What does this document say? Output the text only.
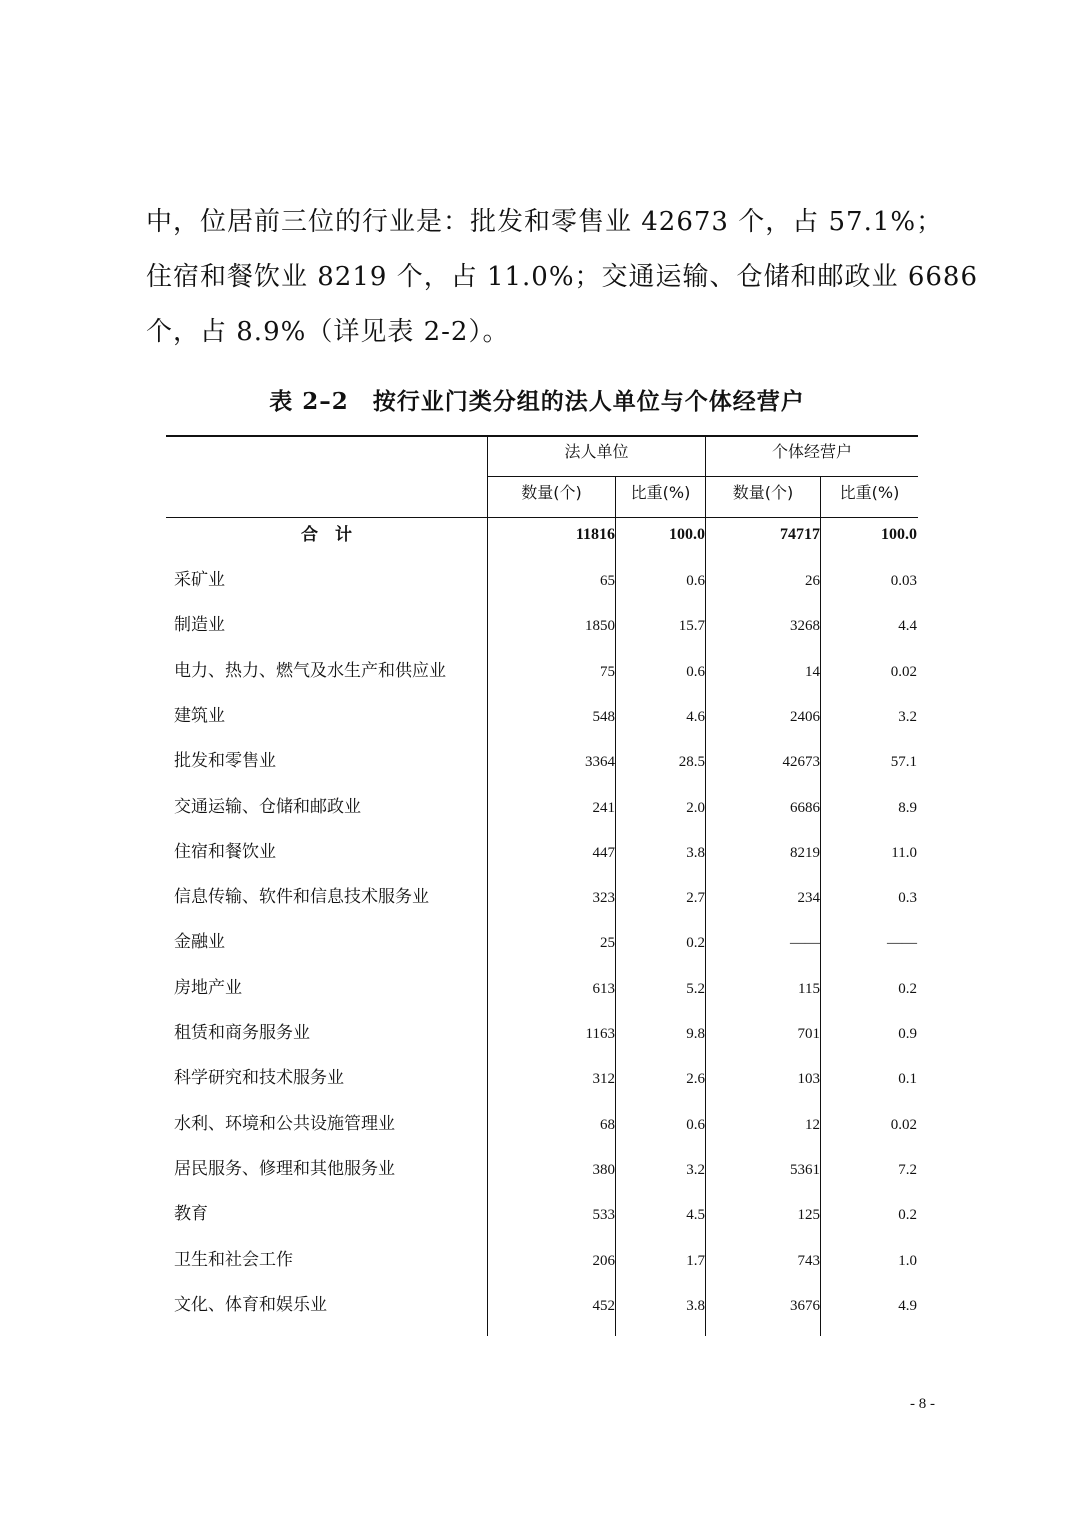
中，位居前三位的行业是：批发和零售业 42673 个，占 57.1%；
住宿和餐饮业 8219 个，占 11.0%；交通运输、仓储和邮政业 6686
个，占 8.9%（详见表 2-2）。
表 2–2　按行业门类分组的法人单位与个体经营户
法人单位	个体经营户
数量(个)	比重(%)	数量(个)	比重(%)
合　计	11816	100.0	74717	100.0
采矿业	65	0.6	26	0.03
制造业	1850	15.7	3268	4.4
电力、热力、燃气及水生产和供应业	75	0.6	14	0.02
建筑业	548	4.6	2406	3.2
批发和零售业	3364	28.5	42673	57.1
交通运输、仓储和邮政业	241	2.0	6686	8.9
住宿和餐饮业	447	3.8	8219	11.0
信息传输、软件和信息技术服务业	323	2.7	234	0.3
金融业	25	0.2	——	——
房地产业	613	5.2	115	0.2
租赁和商务服务业	1163	9.8	701	0.9
科学研究和技术服务业	312	2.6	103	0.1
水利、环境和公共设施管理业	68	0.6	12	0.02
居民服务、修理和其他服务业	380	3.2	5361	7.2
教育	533	4.5	125	0.2
卫生和社会工作	206	1.7	743	1.0
文化、体育和娱乐业	452	3.8	3676	4.9
- 8 -
